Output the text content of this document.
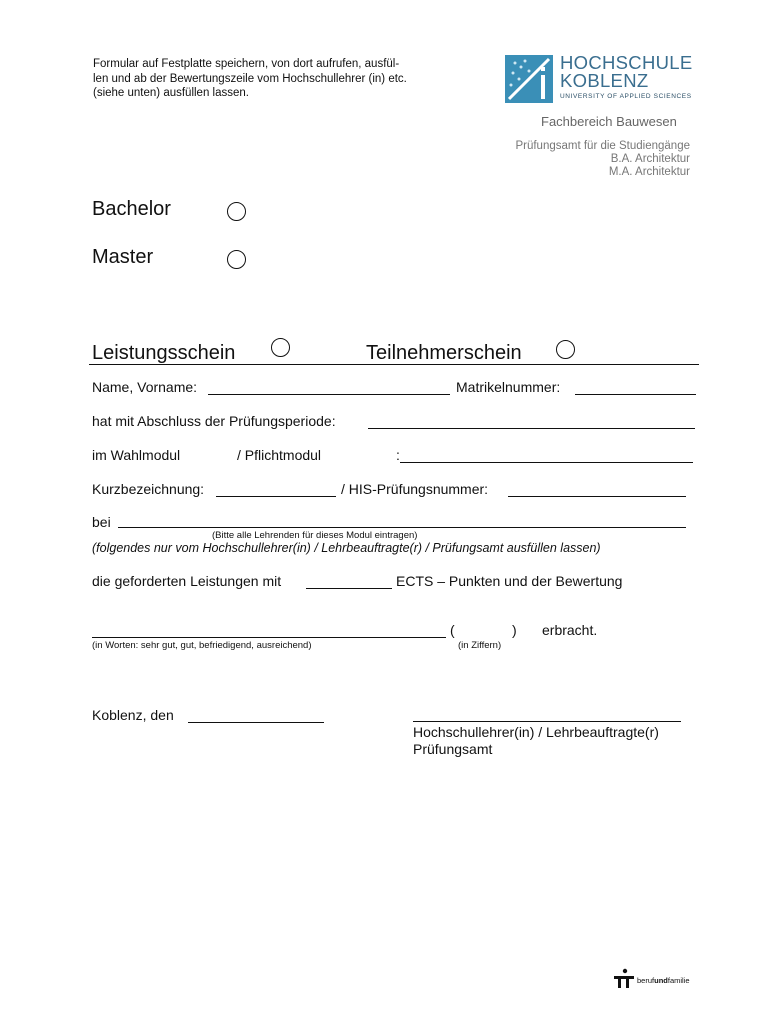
Formular auf Festplatte speichern, von dort aufrufen, ausfül-
len und ab der Bewertungszeile vom Hochschullehrer (in) etc.
(siehe unten) ausfüllen lassen.
HOCHSCHULE
KOBLENZ
UNIVERSITY OF APPLIED SCIENCES
Fachbereich Bauwesen
Prüfungsamt für die Studiengänge
B.A. Architektur
M.A. Architektur
Bachelor
Master
Leistungsschein	Teilnehmerschein
Name, Vorname:	Matrikelnummer:
hat mit Abschluss der Prüfungsperiode:
im Wahlmodul	/ Pflichtmodul	:
Kurzbezeichnung:	/ HIS-Prüfungsnummer:
bei
(Bitte alle Lehrenden für dieses Modul eintragen)
(folgendes nur vom Hochschullehrer(in) / Lehrbeauftragte(r) / Prüfungsamt ausfüllen lassen)
die geforderten Leistungen mit	ECTS – Punkten und der Bewertung
(	) erbracht.
(in Worten: sehr gut, gut, befriedigend, ausreichend)	(in Ziffern)
Koblenz, den
Hochschullehrer(in) / Lehrbeauftragte(r)
Prüfungsamt
berufundfamilie
